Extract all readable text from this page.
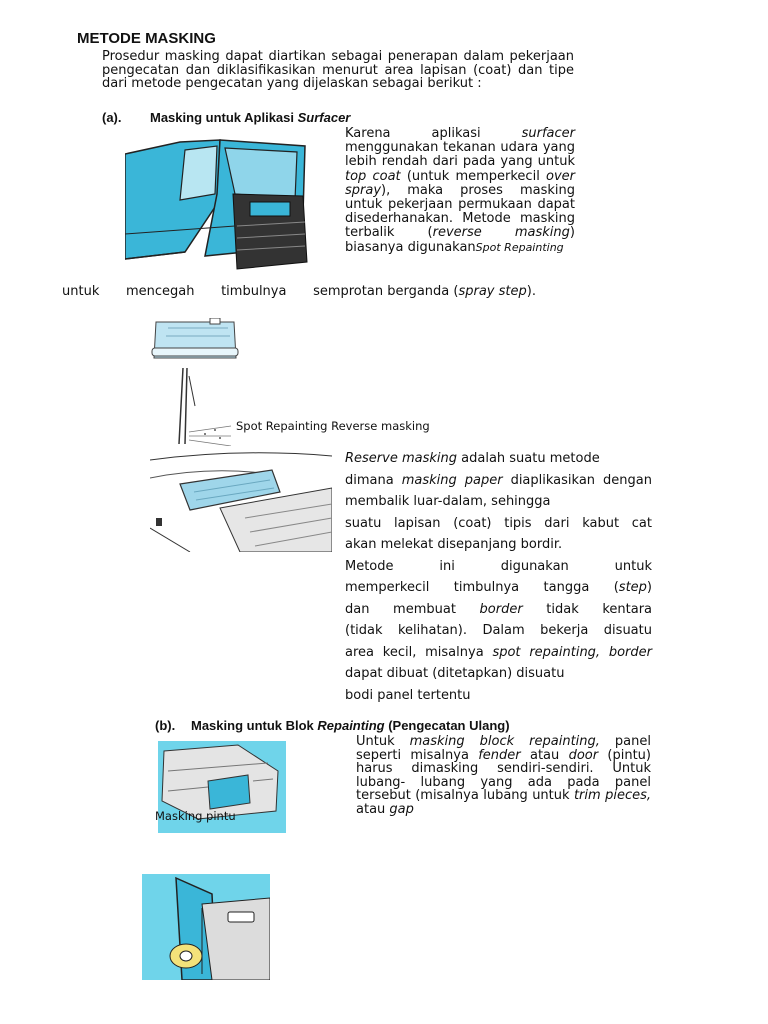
METODE MASKING
Prosedur masking dapat diartikan sebagai penerapan dalam pekerjaan pengecatan dan diklasifikasikan menurut area lapisan (coat) dan tipe dari metode pengecatan yang dijelaskan sebagai berikut :
(a). Masking untuk Aplikasi Surfacer
Karena aplikasi surfacer menggunakan tekanan udara yang lebih rendah dari pada yang untuk top coat (untuk memperkecil over spray), maka proses masking untuk pekerjaan permukaan dapat disederhanakan. Metode masking terbalik (reverse masking) biasanya digunakanSpot Repainting
untuk mencegah timbulnya semprotan berganda (spray step).
Spot Repainting Reverse masking
Reserve masking adalah suatu metode
dimana masking paper diaplikasikan dengan
membalik luar-dalam, sehingga
suatu lapisan (coat) tipis dari kabut cat
akan melekat disepanjang bordir.
Metode ini digunakan untuk
memperkecil timbulnya tangga (step)
dan membuat border tidak kentara
(tidak kelihatan). Dalam bekerja disuatu
area kecil, misalnya spot repainting, border
dapat dibuat (ditetapkan) disuatu
bodi panel tertentu
(b). Masking untuk Blok Repainting (Pengecatan Ulang)
Masking pintu
Untuk masking block repainting, panel seperti misalnya fender atau door (pintu) harus dimasking sendiri-sendiri. Untuk lubang- lubang yang ada pada panel tersebut (misalnya lubang untuk trim pieces, atau gap
